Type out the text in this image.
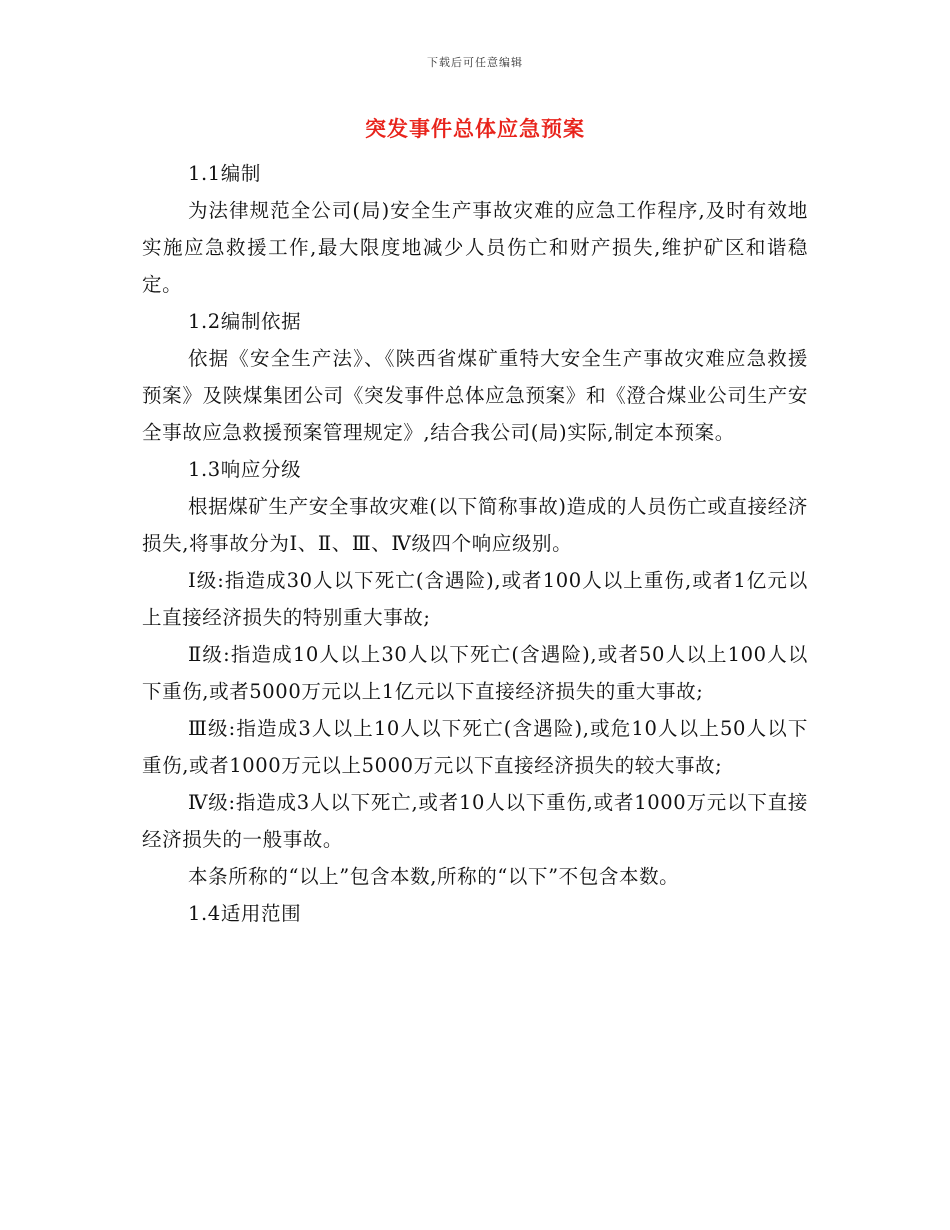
下载后可任意编辑
突发事件总体应急预案

1.1编制

为法律规范全公司(局)安全生产事故灾难的应急工作程序,及时有效地实施应急救援工作,最大限度地减少人员伤亡和财产损失,维护矿区和谐稳定。

1.2编制依据

依据《安全生产法》、《陕西省煤矿重特大安全生产事故灾难应急救援预案》及陕煤集团公司《突发事件总体应急预案》和《澄合煤业公司生产安全事故应急救援预案管理规定》,结合我公司(局)实际,制定本预案。

1.3响应分级

根据煤矿生产安全事故灾难(以下简称事故)造成的人员伤亡或直接经济损失,将事故分为Ⅰ、Ⅱ、Ⅲ、Ⅳ级四个响应级别。

Ⅰ级:指造成30人以下死亡(含遇险),或者100人以上重伤,或者1亿元以上直接经济损失的特别重大事故;

Ⅱ级:指造成10人以上30人以下死亡(含遇险),或者50人以上100人以下重伤,或者5000万元以上1亿元以下直接经济损失的重大事故;

Ⅲ级:指造成3人以上10人以下死亡(含遇险),或危10人以上50人以下重伤,或者1000万元以上5000万元以下直接经济损失的较大事故;

Ⅳ级:指造成3人以下死亡,或者10人以下重伤,或者1000万元以下直接经济损失的一般事故。

本条所称的“以上”包含本数,所称的“以下”不包含本数。

1.4适用范围
